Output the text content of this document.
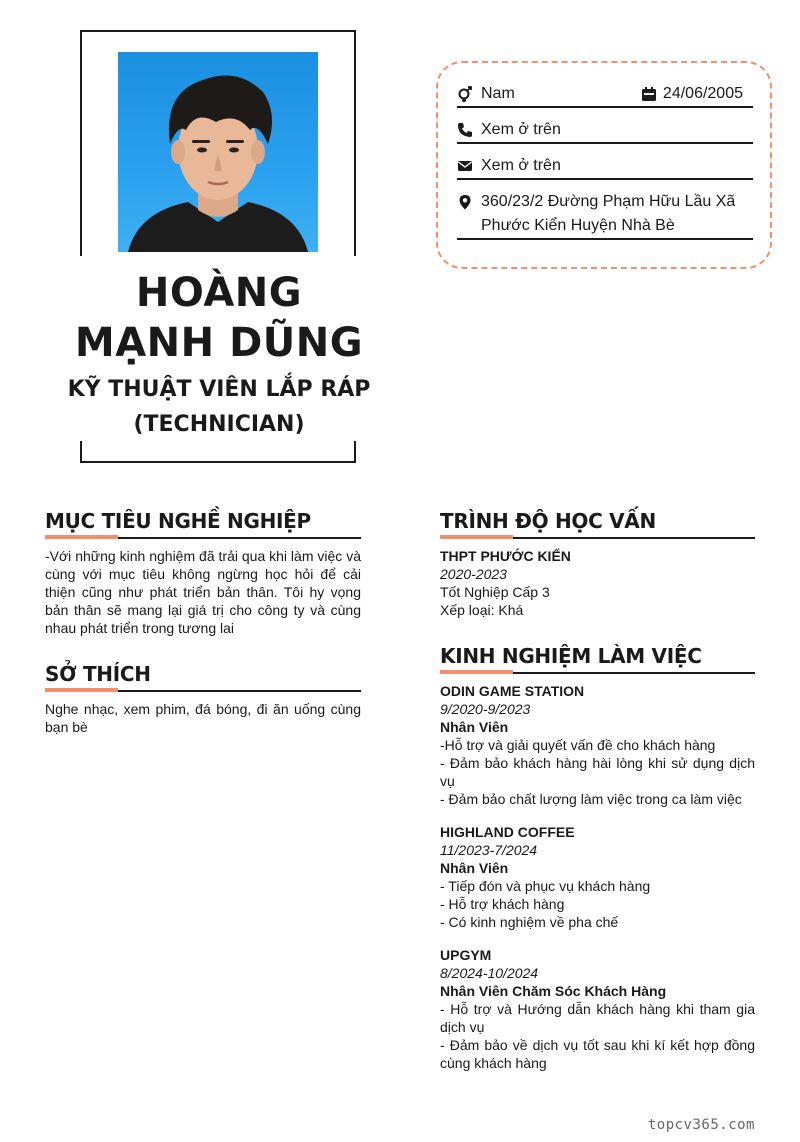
HOÀNG MẠNH DŨNG
KỸ THUẬT VIÊN LẮP RÁP (TECHNICIAN)
Nam	24/06/2005
Xem ở trên
Xem ở trên
360/23/2 Đường Phạm Hữu Lầu Xã Phước Kiển Huyện Nhà Bè
MỤC TIÊU NGHỀ NGHIỆP
-Với những kinh nghiệm đã trải qua khi làm việc và cùng với mục tiêu không ngừng học hỏi để cải thiện cũng như phát triển bản thân. Tôi hy vọng bản thân sẽ mang lại giá trị cho công ty và cùng nhau phát triển trong tương lai
SỞ THÍCH
Nghe nhạc, xem phim, đá bóng, đi ăn uống cùng bạn bè
TRÌNH ĐỘ HỌC VẤN
THPT PHƯỚC KIỂN
2020-2023
Tốt Nghiệp Cấp 3
Xếp loại: Khá
KINH NGHIỆM LÀM VIỆC
ODIN GAME STATION
9/2020-9/2023
Nhân Viên
-Hỗ trợ và giải quyết vấn đề cho khách hàng
- Đảm bảo khách hàng hài lòng khi sử dụng dịch vụ
- Đảm bảo chất lượng làm việc trong ca làm việc
HIGHLAND COFFEE
11/2023-7/2024
Nhân Viên
- Tiếp đón và phục vụ khách hàng
- Hỗ trợ khách hàng
- Có kinh nghiệm về pha chế
UPGYM
8/2024-10/2024
Nhân Viên Chăm Sóc Khách Hàng
- Hỗ trợ và Hướng dẫn khách hàng khi tham gia dịch vụ
- Đảm bảo về dịch vụ tốt sau khi kí kết hợp đồng cùng khách hàng
topcv365.com
